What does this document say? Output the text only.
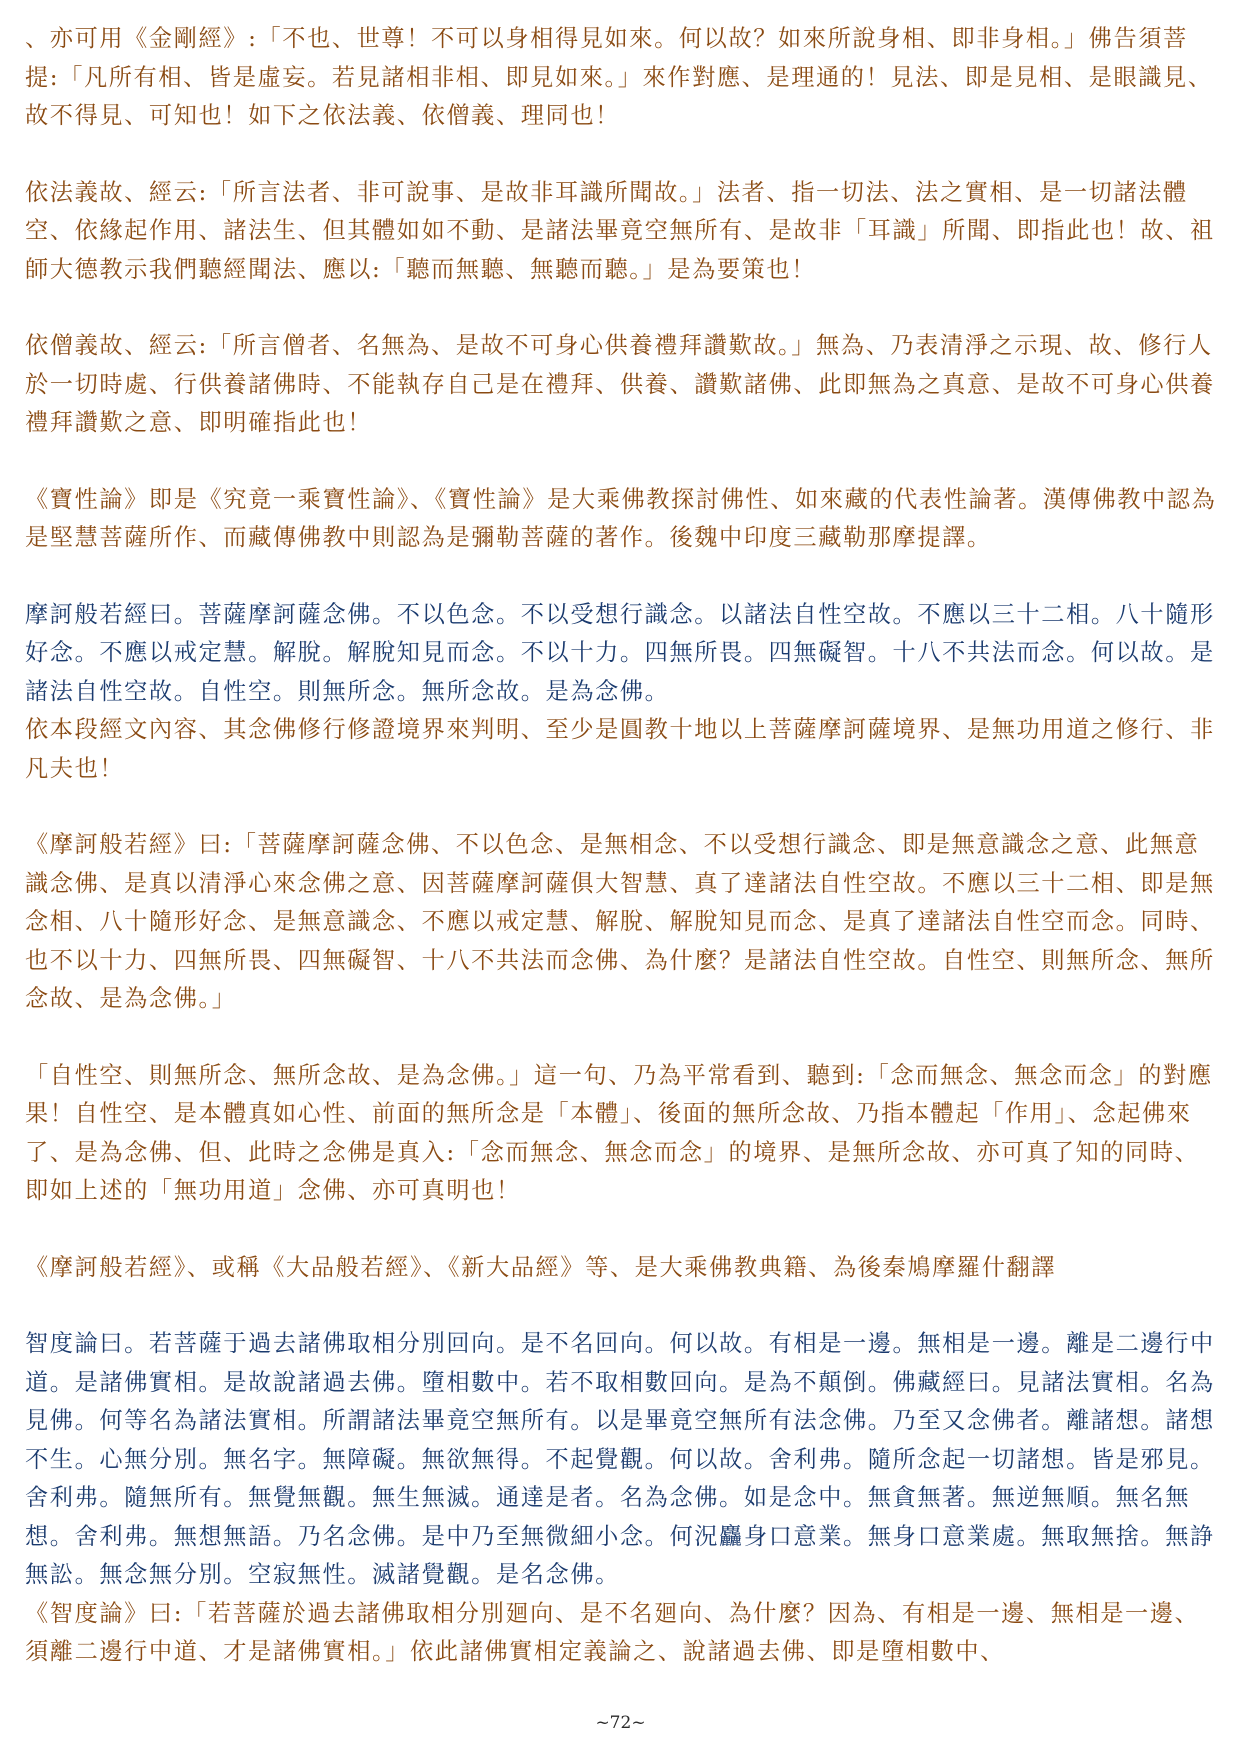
、亦可用《金剛經》:「不也、世尊！不可以身相得見如來。何以故？如來所說身相、即非身相。」佛告須菩提:「凡所有相、皆是虛妄。若見諸相非相、即見如來。」來作對應、是理通的！見法、即是見相、是眼識見、故不得見、可知也！如下之依法義、依僧義、理同也！

依法義故、經云:「所言法者、非可說事、是故非耳識所聞故。」法者、指一切法、法之實相、是一切諸法體空、依緣起作用、諸法生、但其體如如不動、是諸法畢竟空無所有、是故非「耳識」所聞、即指此也！故、祖師大德教示我們聽經聞法、應以:「聽而無聽、無聽而聽。」是為要策也！

依僧義故、經云:「所言僧者、名無為、是故不可身心供養禮拜讚歎故。」無為、乃表清淨之示現、故、修行人於一切時處、行供養諸佛時、不能執存自己是在禮拜、供養、讚歎諸佛、此即無為之真意、是故不可身心供養禮拜讚歎之意、即明確指此也！

《寶性論》即是《究竟一乘寶性論》、《寶性論》是大乘佛教探討佛性、如來藏的代表性論著。漢傳佛教中認為是堅慧菩薩所作、而藏傳佛教中則認為是彌勒菩薩的著作。後魏中印度三藏勒那摩提譯。

摩訶般若經曰。菩薩摩訶薩念佛。不以色念。不以受想行識念。以諸法自性空故。不應以三十二相。八十隨形好念。不應以戒定慧。解脫。解脫知見而念。不以十力。四無所畏。四無礙智。十八不共法而念。何以故。是諸法自性空故。自性空。則無所念。無所念故。是為念佛。

依本段經文內容、其念佛修行修證境界來判明、至少是圓教十地以上菩薩摩訶薩境界、是無功用道之修行、非凡夫也！

《摩訶般若經》曰:「菩薩摩訶薩念佛、不以色念、是無相念、不以受想行識念、即是無意識念之意、此無意識念佛、是真以清淨心來念佛之意、因菩薩摩訶薩俱大智慧、真了達諸法自性空故。不應以三十二相、即是無念相、八十隨形好念、是無意識念、不應以戒定慧、解脫、解脫知見而念、是真了達諸法自性空而念。同時、也不以十力、四無所畏、四無礙智、十八不共法而念佛、為什麼？是諸法自性空故。自性空、則無所念、無所念故、是為念佛。」

「自性空、則無所念、無所念故、是為念佛。」這一句、乃為平常看到、聽到:「念而無念、無念而念」的對應果！自性空、是本體真如心性、前面的無所念是「本體」、後面的無所念故、乃指本體起「作用」、念起佛來了、是為念佛、但、此時之念佛是真入:「念而無念、無念而念」的境界、是無所念故、亦可真了知的同時、即如上述的「無功用道」念佛、亦可真明也！

《摩訶般若經》、或稱《大品般若經》、《新大品經》等、是大乘佛教典籍、為後秦鳩摩羅什翻譯

智度論曰。若菩薩于過去諸佛取相分別回向。是不名回向。何以故。有相是一邊。無相是一邊。離是二邊行中道。是諸佛實相。是故說諸過去佛。墮相數中。若不取相數回向。是為不顛倒。佛藏經曰。見諸法實相。名為見佛。何等名為諸法實相。所謂諸法畢竟空無所有。以是畢竟空無所有法念佛。乃至又念佛者。離諸想。諸想不生。心無分別。無名字。無障礙。無欲無得。不起覺觀。何以故。舍利弗。隨所念起一切諸想。皆是邪見。舍利弗。隨無所有。無覺無觀。無生無滅。通達是者。名為念佛。如是念中。無貪無著。無逆無順。無名無想。舍利弗。無想無語。乃名念佛。是中乃至無微細小念。何況麤身口意業。無身口意業處。無取無捨。無諍無訟。無念無分別。空寂無性。滅諸覺觀。是名念佛。

《智度論》曰:「若菩薩於過去諸佛取相分別廻向、是不名廻向、為什麼？因為、有相是一邊、無相是一邊、須離二邊行中道、才是諸佛實相。」依此諸佛實相定義論之、說諸過去佛、即是墮相數中、

~72~
